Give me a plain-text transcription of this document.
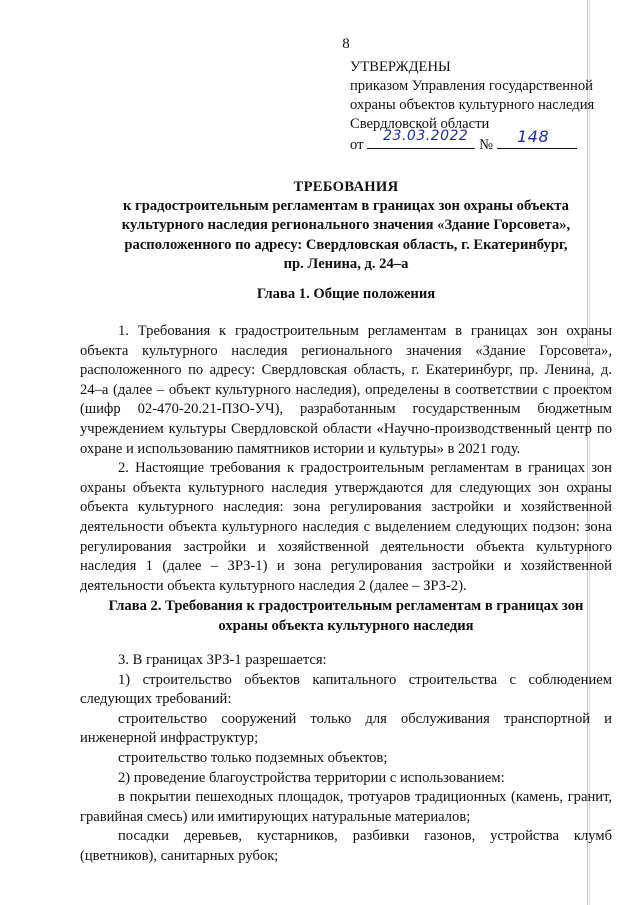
8
УТВЕРЖДЕНЫ
приказом Управления государственной
охраны объектов культурного наследия
Свердловской области
от
23.03.2022
№ 148
ТРЕБОВАНИЯ
к градостроительным регламентам в границах зон охраны объекта
культурного наследия регионального значения «Здание Горсовета»,
расположенного по адресу: Свердловская область, г. Екатеринбург,
пр. Ленина, д. 24–а
Глава 1. Общие положения

1. Требования к градостроительным регламентам в границах зон охраны объекта культурного наследия регионального значения «Здание Горсовета», расположенного по адресу: Свердловская область, г. Екатеринбург, пр. Ленина, д. 24–а (далее – объект культурного наследия), определены в соответствии с проектом (шифр 02-470-20.21-ПЗО-УЧ), разработанным государственным бюджетным учреждением культуры Свердловской области «Научно-производственный центр по охране и использованию памятников истории и культуры» в 2021 году.

2. Настоящие требования к градостроительным регламентам в границах зон охраны объекта культурного наследия утверждаются для следующих зон охраны объекта культурного наследия: зона регулирования застройки и хозяйственной деятельности объекта культурного наследия с выделением следующих подзон: зона регулирования застройки и хозяйственной деятельности объекта культурного наследия 1 (далее – ЗРЗ-1) и зона регулирования застройки и хозяйственной деятельности объекта культурного наследия 2 (далее – ЗРЗ-2).

Глава 2. Требования к градостроительным регламентам в границах зон
охраны объекта культурного наследия

3. В границах ЗРЗ-1 разрешается:

1) строительство объектов капитального строительства с соблюдением следующих требований:

строительство сооружений только для обслуживания транспортной и инженерной инфраструктур;

строительство только подземных объектов;

2) проведение благоустройства территории с использованием:

в покрытии пешеходных площадок, тротуаров традиционных (камень, гранит, гравийная смесь) или имитирующих натуральные материалов;

посадки деревьев, кустарников, разбивки газонов, устройства клумб (цветников), санитарных рубок;
